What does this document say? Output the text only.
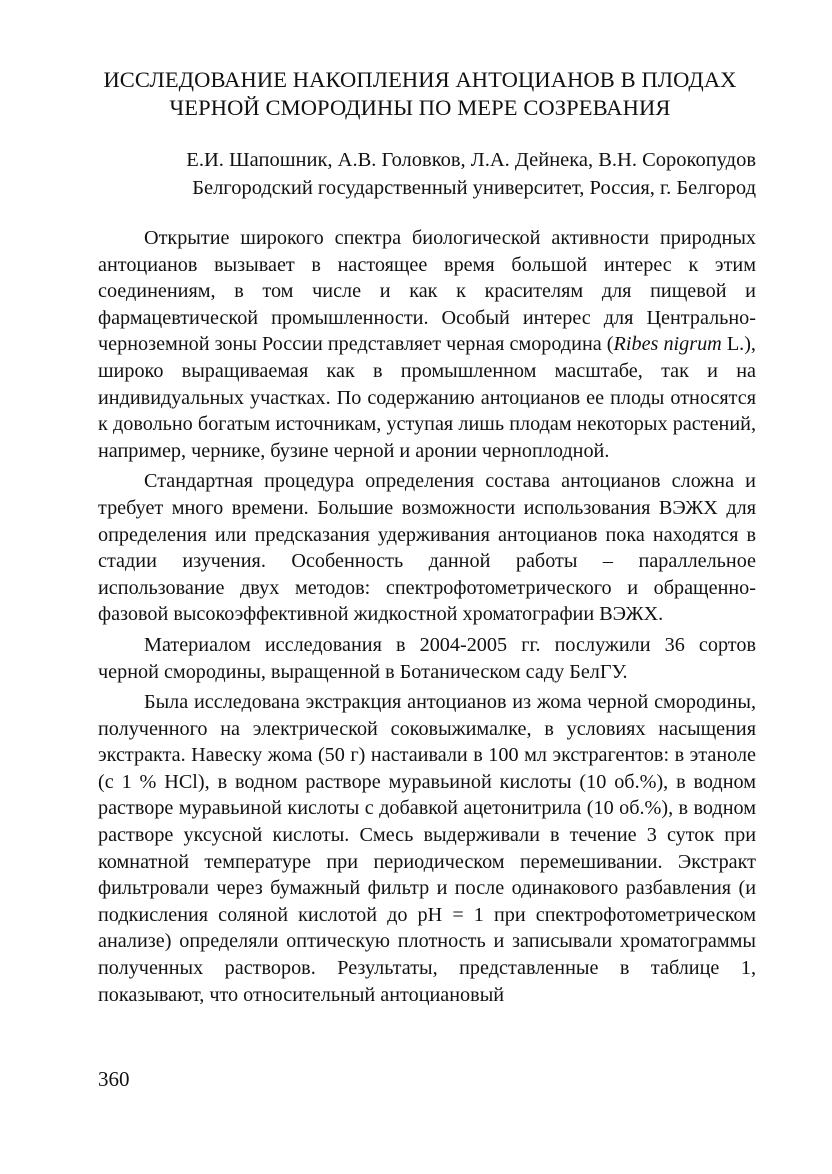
ИССЛЕДОВАНИЕ НАКОПЛЕНИЯ АНТОЦИАНОВ В ПЛОДАХ
ЧЕРНОЙ СМОРОДИНЫ ПО МЕРЕ СОЗРЕВАНИЯ
Е.И. Шапошник, А.В. Головков, Л.А. Дейнека, В.Н. Сорокопудов
Белгородский государственный университет, Россия, г. Белгород

Открытие широкого спектра биологической активности природных антоцианов вызывает в настоящее время большой интерес к этим соединениям, в том числе и как к красителям для пищевой и фармацевтической промышленности. Особый интерес для Центрально-черноземной зоны России представляет черная смородина (Ribes nigrum L.), широко выращиваемая как в промышленном масштабе, так и на индивидуальных участках. По содержанию антоцианов ее плоды относятся к довольно богатым источникам, уступая лишь плодам некоторых растений, например, чернике, бузине черной и аронии черноплодной.

Стандартная процедура определения состава антоцианов сложна и требует много времени. Большие возможности использования ВЭЖХ для определения или предсказания удерживания антоцианов пока находятся в стадии изучения. Особенность данной работы – параллельное использование двух методов: спектрофотометрического и обращенно-фазовой высокоэффективной жидкостной хроматографии ВЭЖХ.

Материалом исследования в 2004-2005 гг. послужили 36 сортов черной смородины, выращенной в Ботаническом саду БелГУ.

Была исследована экстракция антоцианов из жома черной смородины, полученного на электрической соковыжималке, в условиях насыщения экстракта. Навеску жома (50 г) настаивали в 100 мл экстрагентов: в этаноле (с 1 % HCl), в водном растворе муравьиной кислоты (10 об.%), в водном растворе муравьиной кислоты с добавкой ацетонитрила (10 об.%), в водном растворе уксусной кислоты. Смесь выдерживали в течение 3 суток при комнатной температуре при периодическом перемешивании. Экстракт фильтровали через бумажный фильтр и после одинакового разбавления (и подкисления соляной кислотой до pH = 1 при спектрофотометрическом анализе) определяли оптическую плотность и записывали хроматограммы полученных растворов. Результаты, представленные в таблице 1, показывают, что относительный антоциановый

360
